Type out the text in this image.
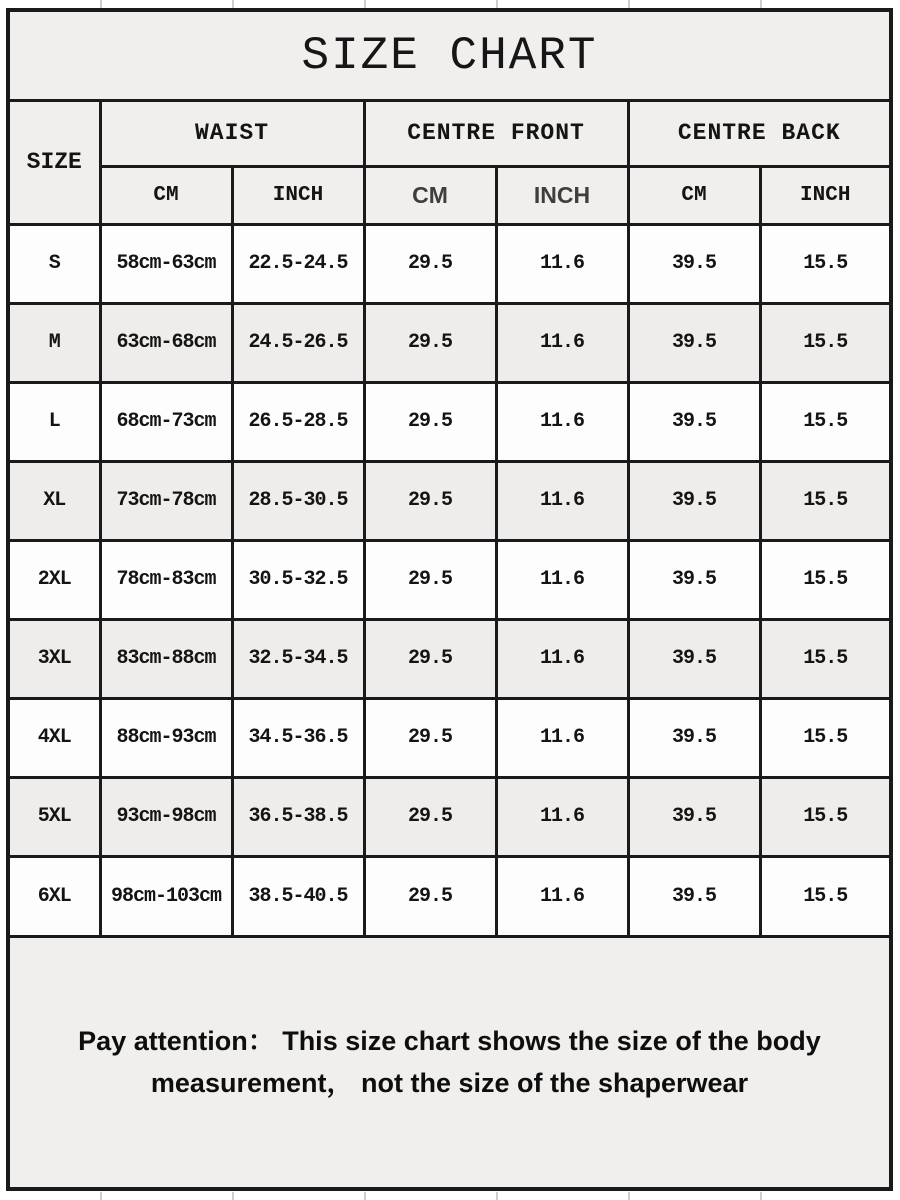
SIZE CHART
SIZE	WAIST		CENTRE FRONT		CENTRE BACK	
	CM	INCH	CM	INCH	CM	INCH
S	58cm-63cm	22.5-24.5	29.5	11.6	39.5	15.5
M	63cm-68cm	24.5-26.5	29.5	11.6	39.5	15.5
L	68cm-73cm	26.5-28.5	29.5	11.6	39.5	15.5
XL	73cm-78cm	28.5-30.5	29.5	11.6	39.5	15.5
2XL	78cm-83cm	30.5-32.5	29.5	11.6	39.5	15.5
3XL	83cm-88cm	32.5-34.5	29.5	11.6	39.5	15.5
4XL	88cm-93cm	34.5-36.5	29.5	11.6	39.5	15.5
5XL	93cm-98cm	36.5-38.5	29.5	11.6	39.5	15.5
6XL	98cm-103cm	38.5-40.5	29.5	11.6	39.5	15.5
Pay attention： This size chart shows the size of the body
measurement， not the size of the shaperwear
